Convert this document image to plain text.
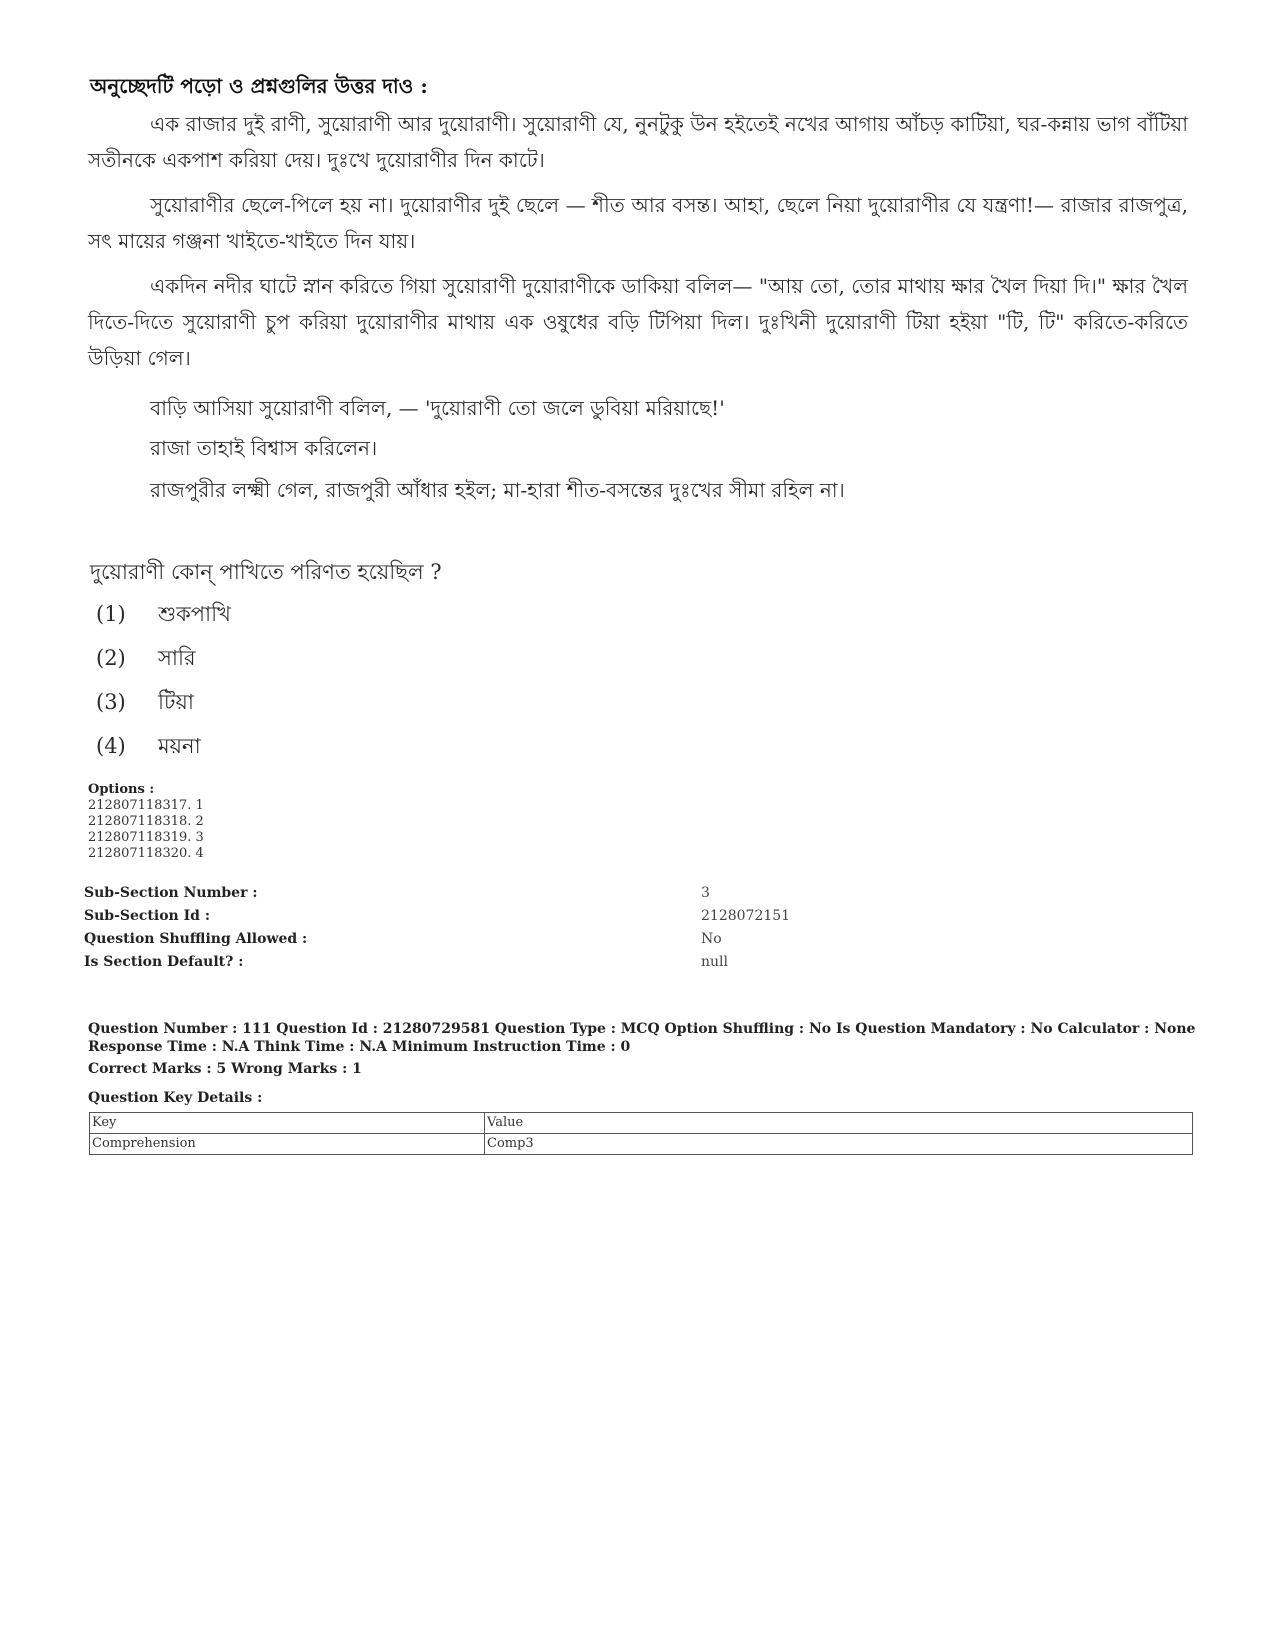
অনুচ্ছেদটি পড়ো ও প্রশ্নগুলির উত্তর দাও :
এক রাজার দুই রাণী, সুয়োরাণী আর দুয়োরাণী। সুয়োরাণী যে, নুনটুকু উন হইতেই নখের আগায় আঁচড় কাটিয়া, ঘর-কন্নায় ভাগ বাঁটিয়া সতীনকে একপাশ করিয়া দেয়। দুঃখে দুয়োরাণীর দিন কাটে।
সুয়োরাণীর ছেলে-পিলে হয় না। দুয়োরাণীর দুই ছেলে — শীত আর বসন্ত। আহা, ছেলে নিয়া দুয়োরাণীর যে যন্ত্রণা!— রাজার রাজপুত্র, সৎ মায়ের গঞ্জনা খাইতে-খাইতে দিন যায়।
একদিন নদীর ঘাটে স্নান করিতে গিয়া সুয়োরাণী দুয়োরাণীকে ডাকিয়া বলিল— "আয় তো, তোর মাথায় ক্ষার খৈল দিয়া দি।" ক্ষার খৈল দিতে-দিতে সুয়োরাণী চুপ করিয়া দুয়োরাণীর মাথায় এক ওষুধের বড়ি টিপিয়া দিল। দুঃখিনী দুয়োরাণী টিয়া হইয়া "টি, টি" করিতে-করিতে উড়িয়া গেল।
বাড়ি আসিয়া সুয়োরাণী বলিল, — 'দুয়োরাণী তো জলে ডুবিয়া মরিয়াছে!'
রাজা তাহাই বিশ্বাস করিলেন।
রাজপুরীর লক্ষ্মী গেল, রাজপুরী আঁধার হইল; মা-হারা শীত-বসন্তের দুঃখের সীমা রহিল না।
দুয়োরাণী কোন্ পাখিতে পরিণত হয়েছিল ?
(1) শুকপাখি
(2) সারি
(3) টিয়া
(4) ময়না
Options :
212807118317. 1
212807118318. 2
212807118319. 3
212807118320. 4
Sub-Section Number :	3
Sub-Section Id :	2128072151
Question Shuffling Allowed :	No
Is Section Default? :	null
Question Number : 111 Question Id : 21280729581 Question Type : MCQ Option Shuffling : No Is Question Mandatory : No Calculator : None
Response Time : N.A Think Time : N.A Minimum Instruction Time : 0
Correct Marks : 5 Wrong Marks : 1
Question Key Details :
Key	Value
Comprehension	Comp3
